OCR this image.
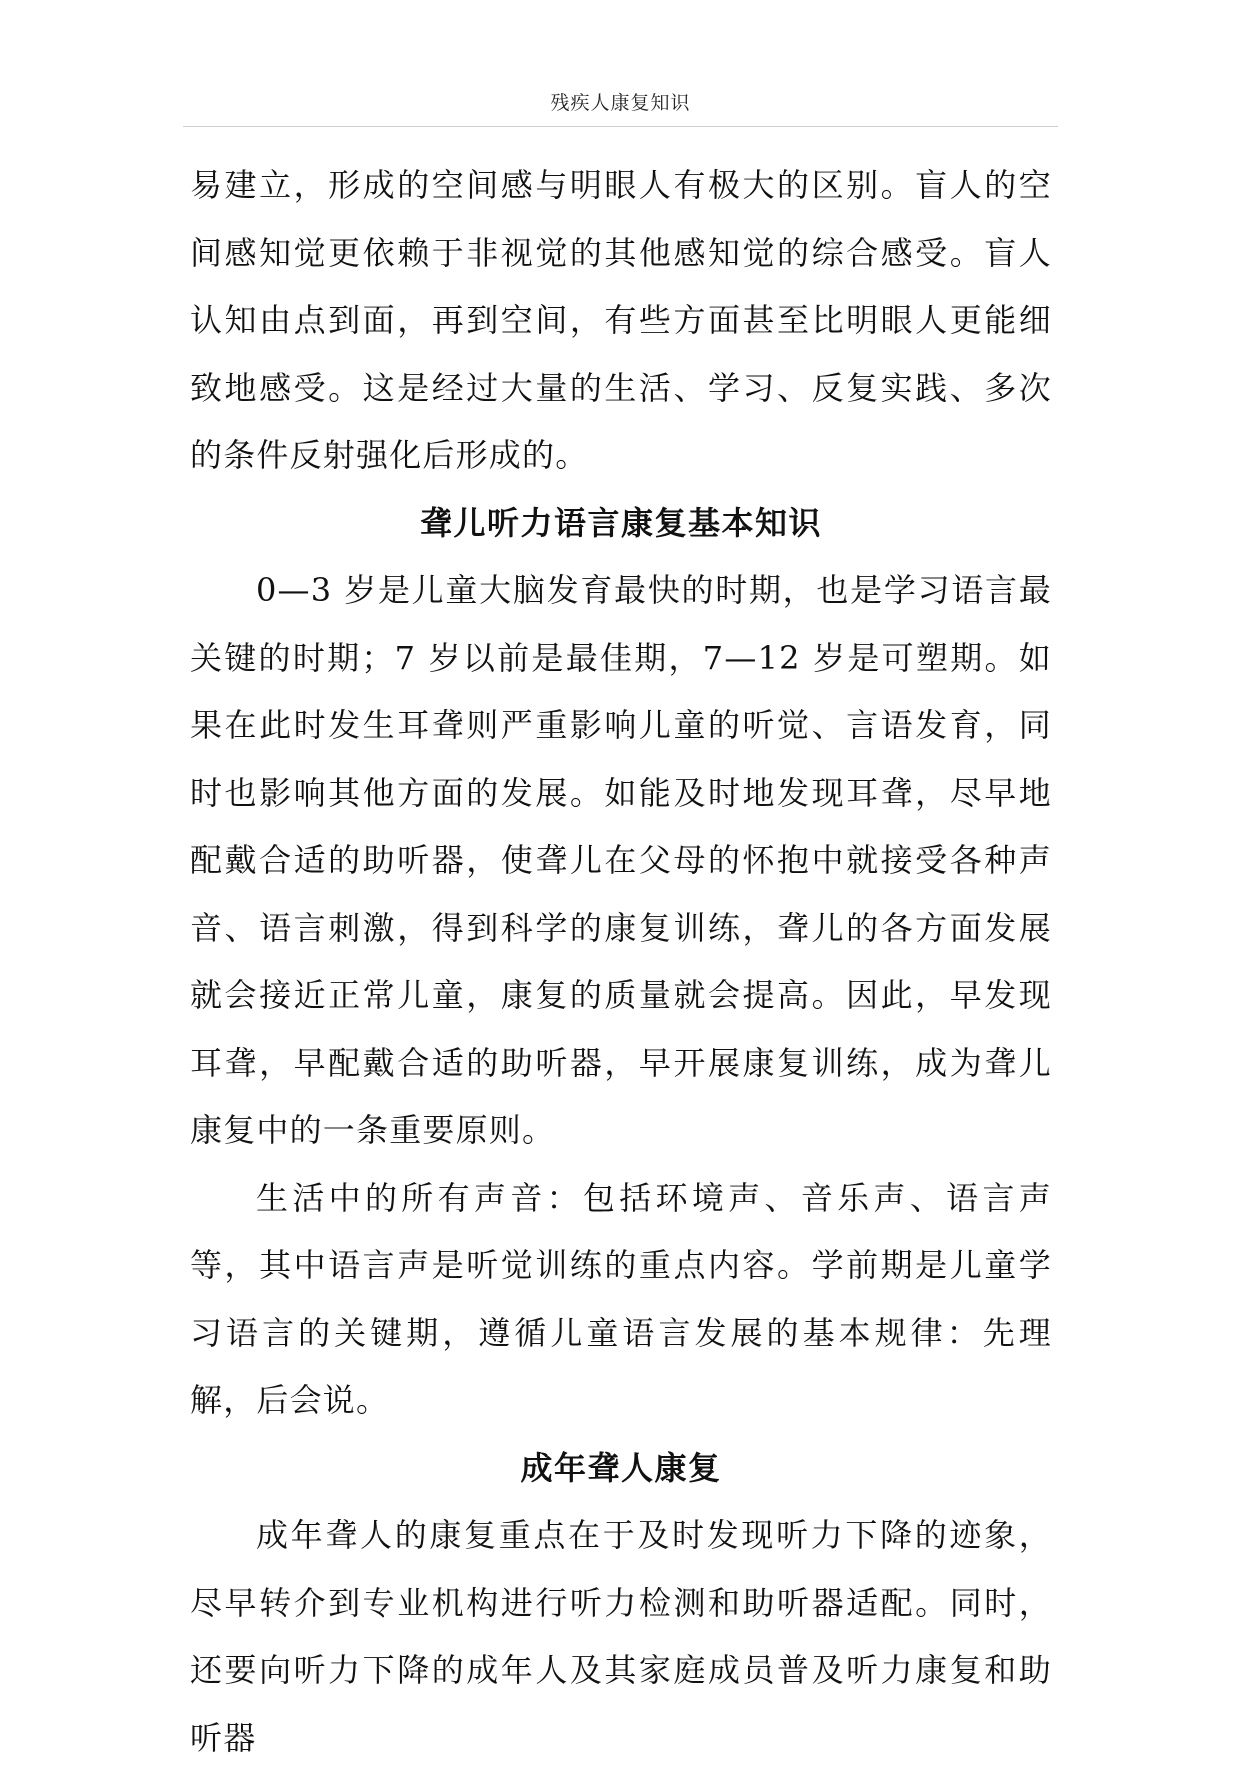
残疾人康复知识

易建立，形成的空间感与明眼人有极大的区别。盲人的空间感知觉更依赖于非视觉的其他感知觉的综合感受。盲人认知由点到面，再到空间，有些方面甚至比明眼人更能细致地感受。这是经过大量的生活、学习、反复实践、多次的条件反射强化后形成的。

聋儿听力语言康复基本知识

0—3 岁是儿童大脑发育最快的时期，也是学习语言最关键的时期；7 岁以前是最佳期，7—12 岁是可塑期。如果在此时发生耳聋则严重影响儿童的听觉、言语发育，同时也影响其他方面的发展。如能及时地发现耳聋，尽早地配戴合适的助听器，使聋儿在父母的怀抱中就接受各种声音、语言刺激，得到科学的康复训练，聋儿的各方面发展就会接近正常儿童，康复的质量就会提高。因此，早发现耳聋，早配戴合适的助听器，早开展康复训练，成为聋儿康复中的一条重要原则。

生活中的所有声音：包括环境声、音乐声、语言声等，其中语言声是听觉训练的重点内容。学前期是儿童学习语言的关键期，遵循儿童语言发展的基本规律：先理解，后会说。

成年聋人康复

成年聋人的康复重点在于及时发现听力下降的迹象，尽早转介到专业机构进行听力检测和助听器适配。同时，还要向听力下降的成年人及其家庭成员普及听力康复和助听器
